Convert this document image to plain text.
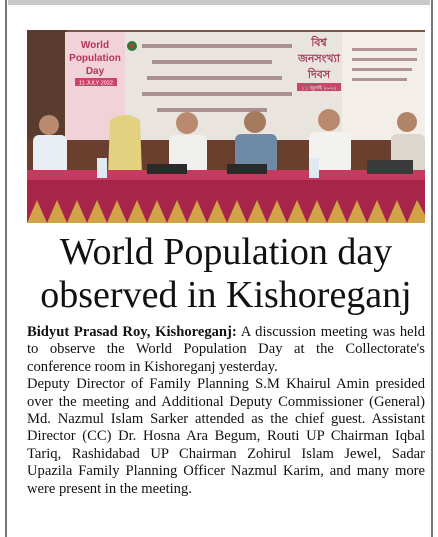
World
Population
Day
11 JULY 2022
বিশ্ব
জনসংখ্যা
দিবস
১১ জুলাই ২০২২
World Population day
observed in Kishoreganj

Bidyut Prasad Roy, Kishoreganj: A discussion meeting was held to observe the World Population Day at the Collectorate's conference room in Kishoreganj yesterday.

Deputy Director of Family Planning S.M Khairul Amin presided over the meeting and Additional Deputy Commissioner (General) Md. Nazmul Islam Sarker attended as the chief guest. Assistant Director (CC) Dr. Hosna Ara Begum, Routi UP Chairman Iqbal Tariq, Rashidabad UP Chairman Zohirul Islam Jewel, Sadar Upazila Family Planning Officer Nazmul Karim, and many more were present in the meeting.
